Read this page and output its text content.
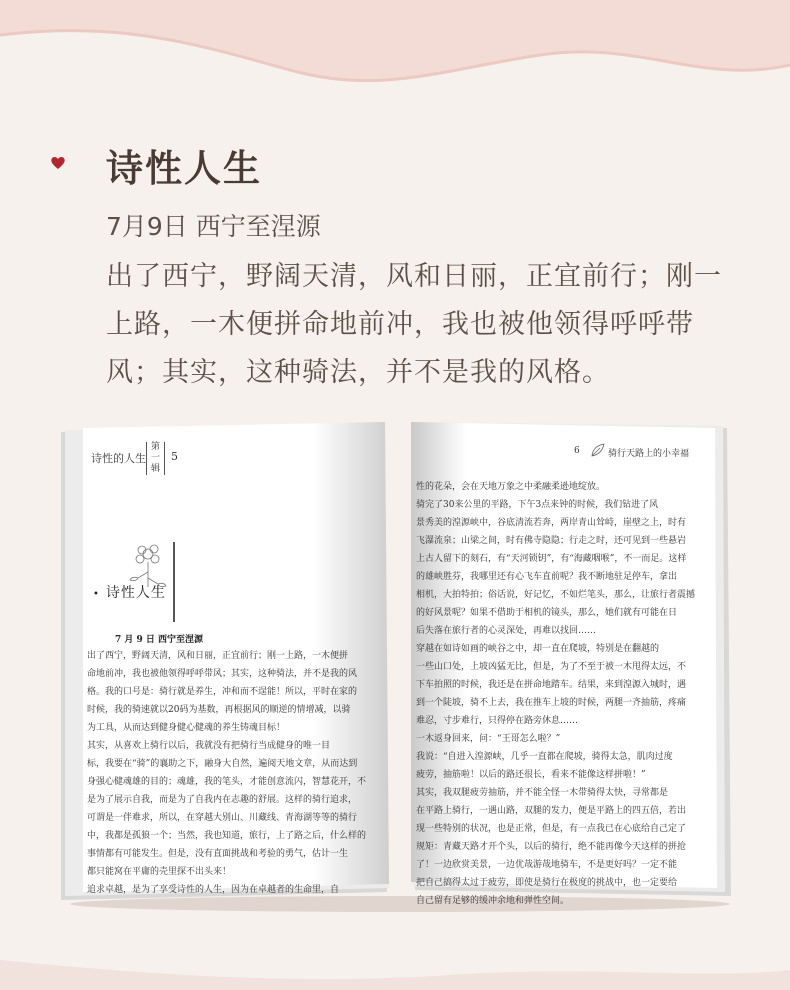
诗性人生
7月9日 西宁至涅源
出了西宁，野阔天清，风和日丽，正宜前行；刚一
上路，一木便拼命地前冲，我也被他领得呼呼带
风；其实，这种骑法，并不是我的风格。
诗性的人生
第一辑
5
• 诗性人生
7 月 9 日 西宁至涅源
出了西宁，野阔天清，风和日丽，正宜前行；刚一上路，一木便拼
命地前冲，我也被他领得呼呼带风；其实，这种骑法，并不是我的风
格。我的口号是：骑行就是养生，冲和而不逞能！所以，平时在家的
时候，我的骑速就以20码为基数，再根据风的顺逆的情增减，以骑
为工具，从而达到健身健心健魂的养生铸魂目标！
其实，从喜欢上骑行以后，我就没有把骑行当成健身的唯一目
标，我要在“骑”的襄助之下，融身大自然，遍阅天地文章，从而达到
身强心健魂雄的目的；魂雄，我的笔头，才能创意流闪，智慧花开，不
是为了展示自我，而是为了自我内在志趣的舒展。这样的骑行追求，
可谓是一伴难求，所以，在穿越大别山、川藏线、青海湖等等的骑行
中，我都是孤狼一个；当然，我也知道，旅行，上了路之后，什么样的
事情都有可能发生。但是，没有直面挑战和考验的勇气，估计一生
都只能窝在平庸的壳里探不出头来！
追求卓越，是为了享受诗性的人生，因为在卓越者的生命里，自
6	骑行天路上的小幸福
性的花朵，会在天地万象之中柔融柔逊地绽放。
骑完了30来公里的平路，下午3点来钟的时候，我们钻进了风
景秀美的湟源峡中，谷底清流若奔，两岸青山耸峙，崖壁之上，时有
飞瀑流泉；山梁之间，时有佛寺隐隐；行走之时，还可见到一些悬岩
上古人留下的刻石，有“天河锁钥”，有“海藏咽喉”，不一而足。这样
的雄峡胜芬，我哪里还有心飞车直前呢？我不断地驻足停车，拿出
相机，大拍特拍；俗话说，好记忆，不如烂笔头，那么，让旅行者震撼
的好风景呢？如果不借助于相机的镜头，那么，她们就有可能在日
后失落在旅行者的心灵深处，再难以找回……
穿越在如诗如画的峡谷之中，却一直在爬坡，特别是在翻越的
一些山口处，上坡凶猛无比，但是，为了不至于被一木甩得太远，不
下车拍照的时候，我还是在拼命地踏车。结果，来到湟源入城时，遇
到一个陡坡，骑不上去，我在推车上坡的时候，两腿一齐抽筋，疼痛
难忍，寸步难行，只得停在路旁休息……
一木返身回来，问：“王哥怎么啦？”
我说：“自进入湟源峡，几乎一直都在爬坡，骑得太急，肌肉过度
疲劳，抽筋啦！以后的路还很长，看来不能像这样拼啦！”
其实，我双腿疲劳抽筋，并不能全怪一木带骑得太快，寻常都是
在平路上骑行，一遇山路，双腿的发力，便是平路上的四五倍，若出
现一些特别的状况，也是正常，但是，有一点我已在心底给自己定了
规矩：青藏天路才开个头，以后的骑行，绝不能再像今天这样的拼抢
了！一边欣赏美景，一边优哉游哉地骑车，不是更好吗？一定不能
把自己搞得太过于疲劳，即使是骑行在极度的挑战中，也一定要给
自己留有足够的缓冲余地和弹性空间。
